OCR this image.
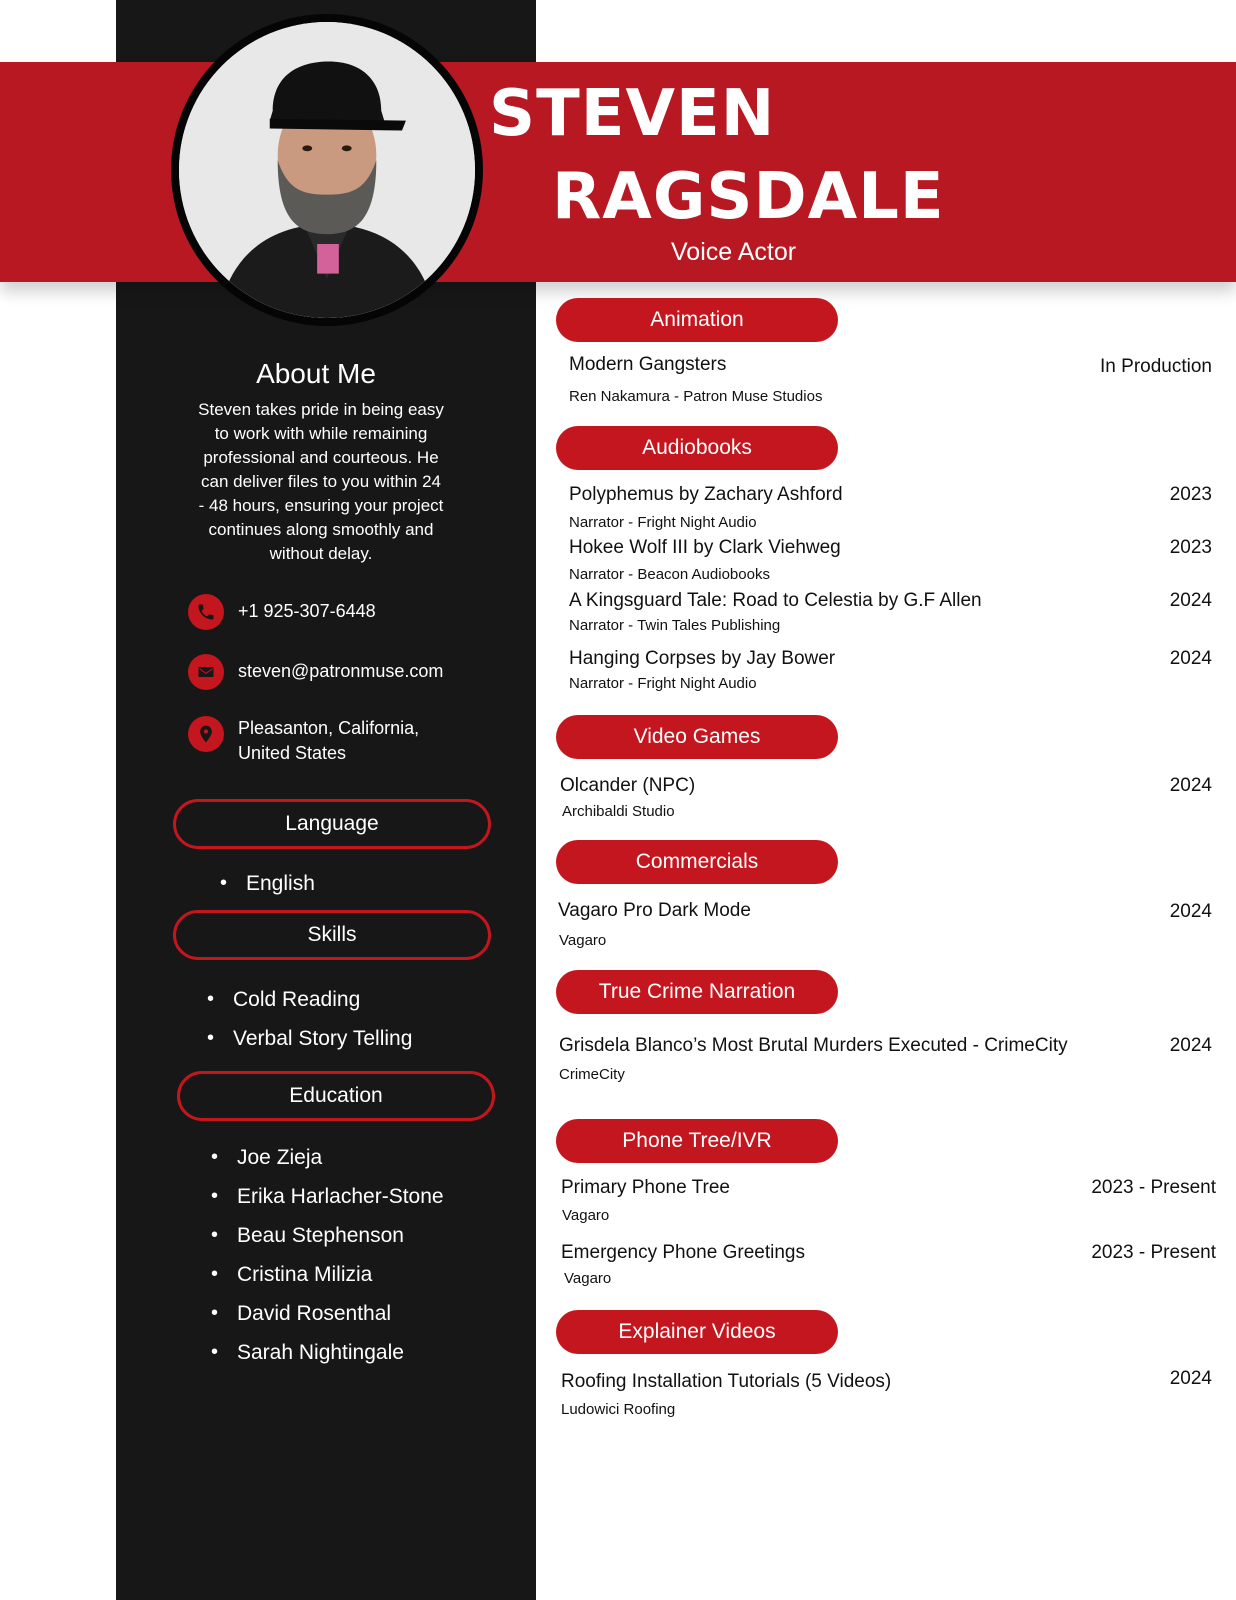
STEVEN
RAGSDALE
Voice Actor
About Me
Steven takes pride in being easy to work with while remaining professional and courteous. He can deliver files to you within 24 - 48 hours, ensuring your project continues along smoothly and without delay.
+1 925-307-6448
steven@patronmuse.com
Pleasanton, California,
United States
Language
• English
Skills
• Cold Reading
• Verbal Story Telling
Education
• Joe Zieja
• Erika Harlacher-Stone
• Beau Stephenson
• Cristina Milizia
• David Rosenthal
• Sarah Nightingale
Animation
Modern Gangsters
Ren Nakamura - Patron Muse Studios
In Production
Audiobooks
Polyphemus by Zachary Ashford
Narrator - Fright Night Audio
2023
Hokee Wolf III by Clark Viehweg
Narrator - Beacon Audiobooks
2023
A Kingsguard Tale: Road to Celestia by G.F Allen
Narrator - Twin Tales Publishing
2024
Hanging Corpses by Jay Bower
Narrator - Fright Night Audio
2024
Video Games
Olcander (NPC)
Archibaldi Studio
2024
Commercials
Vagaro Pro Dark Mode
Vagaro
2024
True Crime Narration
Grisdela Blanco’s Most Brutal Murders Executed - CrimeCity
CrimeCity
2024
Phone Tree/IVR
Primary Phone Tree
Vagaro
2023 - Present
Emergency Phone Greetings
Vagaro
2023 - Present
Explainer Videos
Roofing Installation Tutorials (5 Videos)
Ludowici Roofing
2024
